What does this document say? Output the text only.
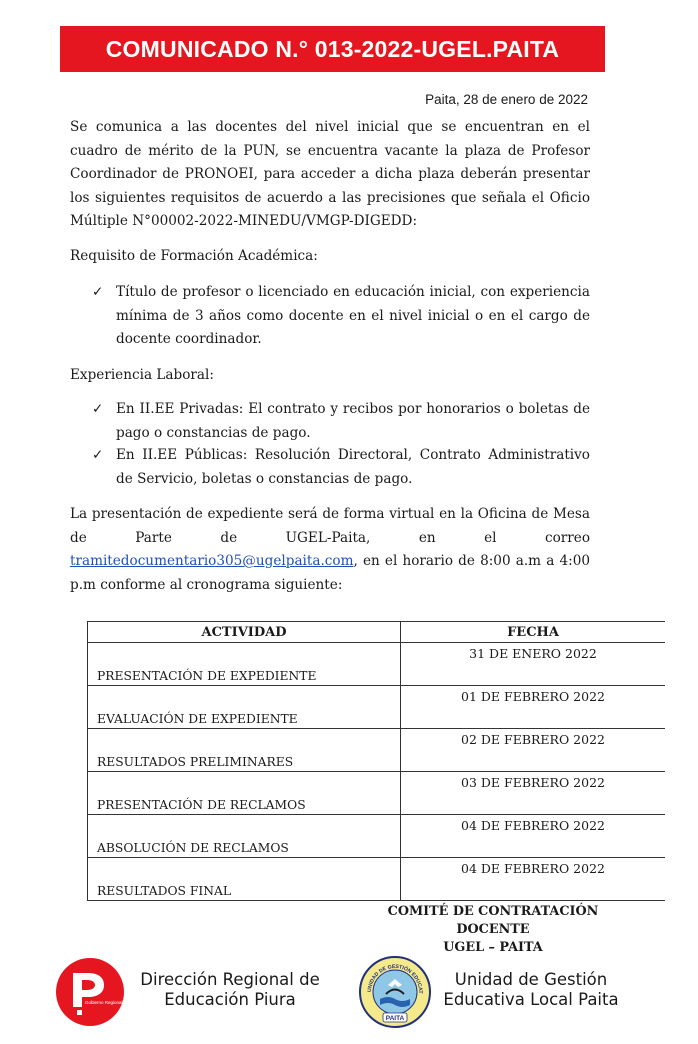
COMUNICADO N.° 013-2022-UGEL.PAITA
Paita, 28 de enero de 2022
Se comunica a las docentes del nivel inicial que se encuentran en el cuadro de mérito de la PUN, se encuentra vacante la plaza de Profesor Coordinador de PRONOEI, para acceder a dicha plaza deberán presentar los siguientes requisitos de acuerdo a las precisiones que señala el Oficio Múltiple N°00002-2022-MINEDU/VMGP-DIGEDD:
Requisito de Formación Académica:
✓ Título de profesor o licenciado en educación inicial, con experiencia mínima de 3 años como docente en el nivel inicial o en el cargo de docente coordinador.
Experiencia Laboral:
✓ En II.EE Privadas: El contrato y recibos por honorarios o boletas de pago o constancias de pago.
✓ En II.EE Públicas: Resolución Directoral, Contrato Administrativo de Servicio, boletas o constancias de pago.
La presentación de expediente será de forma virtual en la Oficina de Mesa de Parte de UGEL-Paita, en el correo tramitedocumentario305@ugelpaita.com, en el horario de 8:00 a.m a 4:00 p.m conforme al cronograma siguiente:
ACTIVIDAD	FECHA
PRESENTACIÓN DE EXPEDIENTE	31 DE ENERO 2022
EVALUACIÓN DE EXPEDIENTE	01 DE FEBRERO 2022
RESULTADOS PRELIMINARES	02 DE FEBRERO 2022
PRESENTACIÓN DE RECLAMOS	03 DE FEBRERO 2022
ABSOLUCIÓN DE RECLAMOS	04 DE FEBRERO 2022
RESULTADOS FINAL	04 DE FEBRERO 2022
COMITÉ DE CONTRATACIÓN DOCENTE
UGEL – PAITA
Gobierno Regional Piura
Dirección Regional de
Educación Piura	UNIDAD DE GESTIÓN EDUCAT
PAITA
Unidad de Gestión
Educativa Local Paita
